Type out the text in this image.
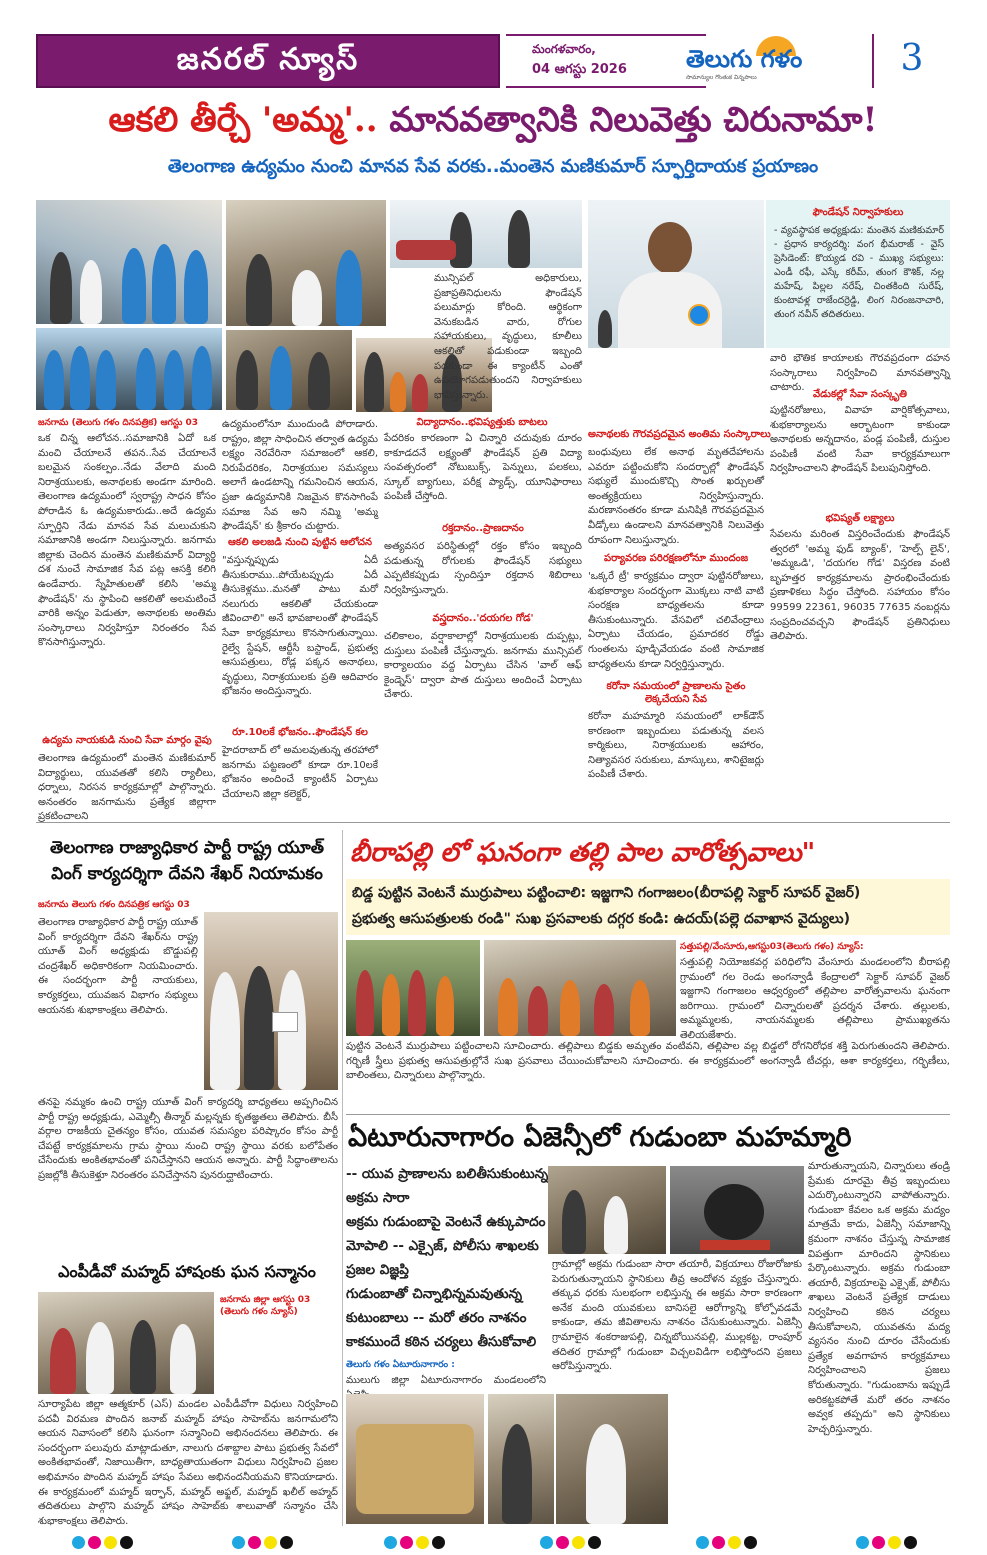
జనరల్ న్యూస్	మంగళవారం,
04 ఆగస్టు 2026 తెలుగు గళం
సామాన్యుల గొంతుక విన్నపాలు	3
ఆకలి తీర్చే 'అమ్మ'.. మానవత్వానికి నిలువెత్తు చిరునామా!
తెలంగాణ ఉద్యమం నుంచి మానవ సేవ వరకు..మంతెన మణికుమార్ స్ఫూర్తిదాయక ప్రయాణం
ఫౌండేషన్ నిర్వాహకులు
- వ్యవస్థాపక అధ్యక్షుడు: మంతెన మణికుమార్ - ప్రధాన కార్యదర్శి: వంగ భీమరాజ్ - వైస్ ప్రెసిడెంట్: కొయ్యడ రవి - ముఖ్య సభ్యులు: ఎండీ రఫీ, ఎస్కే కరీమ్, తుంగ కౌశిక్, నల్ల మహేష్, పిల్లల నరేష్, చింతకింది సురేష్, కుంటావళ్ల రాజేందర్రెడ్డి, లింగ నిరంజనాచారి, తుంగ నవీన్ తదితరులు.
జనగామ (తెలుగు గళం దినపత్రిక) ఆగస్టు 03
ఒక చిన్న ఆలోచన..సమాజానికి ఏదో ఒక మంచి చేయాలనే తపన..సేవ చేయాలనే బలమైన సంకల్పం..నేడు వేలాది మంది నిరాశ్రయులకు, అనాథలకు అండగా మారింది. తెలంగాణ ఉద్యమంలో స్వరాష్ట్ర సాధన కోసం పోరాడిన ఓ ఉద్యమకారుడు..అదే ఉద్యమ స్ఫూర్తిని నేడు మానవ సేవ మలుచుకుని సమాజానికి అండగా నిలుస్తున్నారు. జనగామ జిల్లాకు చెందిన మంతెన మణికుమార్ విద్యార్థి దశ నుంచే సామాజిక సేవ పట్ల ఆసక్తి కలిగి ఉండేవారు. స్నేహితులతో కలిసి 'అమ్మ ఫౌండేషన్' ను స్థాపించి ఆకలితో అలమటించే వారికి అన్నం పెడుతూ, అనాథలకు అంతిమ సంస్కారాలు నిర్వహిస్తూ నిరంతరం సేవ కొనసాగిస్తున్నారు.
ఉద్యమ నాయకుడి నుంచి సేవా మార్గం వైపు
తెలంగాణ ఉద్యమంలో మంతెన మణికుమార్ విద్యార్థులు, యువతతో కలిసి ర్యాలీలు, ధర్నాలు, నిరసన కార్యక్రమాల్లో పాల్గొన్నారు. అనంతరం జనగామను ప్రత్యేక జిల్లాగా ప్రకటించాలని
ఉద్యమంలోనూ ముందుండి పోరాడారు. రాష్ట్రం, జిల్లా సాధించిన తర్వాత ఉద్యమ లక్ష్యం నెరవేరినా సమాజంలో ఆకలి, నిరుపేదరికం, నిరాశ్రయుల సమస్యలు అలాగే ఉండటాన్ని గమనించిన ఆయన, ప్రజా ఉద్యమానికి నిజమైన కొనసాగింపే సమాజ సేవ అని నమ్మి 'అమ్మ ఫౌండేషన్' కు శ్రీకారం చుట్టారు.
ఆకలి అలజడి నుంచి పుట్టిన ఆలోచన
"వస్తున్నప్పుడు ఏదీ తీసుకురాము..పోయేటప్పుడు ఏదీ తీసుకెళ్లము..మనతో పాటు మరో నలుగురు ఆకలితో చేయకుండా జీవించాలి" అనే భావజాలంతో ఫౌండేషన్ సేవా కార్యక్రమాలు కొనసాగుతున్నాయి. రైల్వే స్టేషన్, ఆర్టీసీ బస్టాండ్, ప్రభుత్వ ఆసుపత్రులు, రోడ్ల పక్కన అనాథలు, వృద్ధులు, నిరాశ్రయులకు ప్రతి ఆదివారం భోజనం అందిస్తున్నారు.
రూ.10లకే భోజనం..ఫౌండేషన్ కల
హైదరాబాద్ లో అమలవుతున్న తరహాలో జనగామ పట్టణంలో కూడా రూ.10లకే భోజనం అందించే క్యాంటీన్ ఏర్పాటు చేయాలని జిల్లా కలెక్టర్,
మున్సిపల్ అధికారులు, ప్రజాప్రతినిధులను ఫౌండేషన్ పలుమార్లు కోరింది. ఆర్థికంగా వెనుకబడిన వారు, రోగుల సహాయకులు, వృద్ధులు, కూలీలు ఆకలితో పడుకుండా ఇబ్బంది పడకుండా ఈ క్యాంటీన్ ఎంతో ఉపయోగపడుతుందని నిర్వాహకులు భావిస్తున్నారు.
విద్యాదానం..భవిష్యత్తుకు బాటలు
పేదరికం కారణంగా ఏ చిన్నారి చదువుకు దూరం కాకూడదనే లక్ష్యంతో ఫౌండేషన్ ప్రతి విద్యా సంవత్సరంలో నోటుబుక్స్, పెన్నులు, పలకలు, స్కూల్ బ్యాగులు, పరీక్ష ప్యాడ్స్, యూనిఫారాలు పంపిణీ చేస్తోంది.
రక్తదానం..ప్రాణదానం
అత్యవసర పరిస్థితుల్లో రక్తం కోసం ఇబ్బంది పడుతున్న రోగులకు ఫౌండేషన్ సభ్యులు ఎప్పటికప్పుడు స్పందిస్తూ రక్తదాన శిబిరాలు నిర్వహిస్తున్నారు.
వస్త్రదానం..'దయగల గోడ'
చలికాలం, వర్షాకాలాల్లో నిరాశ్రయులకు దుప్పట్లు, దుస్తులు పంపిణీ చేస్తున్నారు. జనగామ మున్సిపల్ కార్యాలయం వద్ద ఏర్పాటు చేసిన 'వాల్ ఆఫ్ కైండ్నెస్' ద్వారా పాత దుస్తులు అందించే ఏర్పాటు చేశారు.
అనాథలకు గౌరవప్రదమైన అంతిమ సంస్కారాలు
బంధువులు లేక అనాథ మృతదేహాలను ఎవరూ పట్టించుకోని సందర్భాల్లో ఫౌండేషన్ సభ్యులే ముందుకొచ్చి సొంత ఖర్చులతో అంత్యక్రియలు నిర్వహిస్తున్నారు. మరణానంతరం కూడా మనిషికి గౌరవప్రదమైన వీడ్కోలు ఉండాలని మానవత్వానికి నిలువెత్తు రూపంగా నిలుస్తున్నారు.
పర్యావరణ పరిరక్షణలోనూ ముందంజ
'ఒక్కరే ట్రీ' కార్యక్రమం ద్వారా పుట్టినరోజులు, శుభకార్యాల సందర్భంగా మొక్కలు నాటి వాటి సంరక్షణ బాధ్యతలను కూడా తీసుకుంటున్నారు. వేసవిలో చలివేంద్రాలు ఏర్పాటు చేయడం, ప్రమాదకర రోడ్డు గుంతలను పూడ్చివేయడం వంటి సామాజిక బాధ్యతలను కూడా నిర్వర్తిస్తున్నారు.
కరోనా సమయంలో ప్రాణాలను సైతం లెక్కచేయని సేవ
కరోనా మహమ్మారి సమయంలో లాక్‌డౌన్ కారణంగా ఇబ్బందులు పడుతున్న వలస కార్మికులు, నిరాశ్రయులకు ఆహారం, నిత్యావసర సరుకులు, మాస్కులు, శానిటైజర్లు పంపిణీ చేశారు.
వారి భౌతిక కాయాలకు గౌరవప్రదంగా దహన సంస్కారాలు నిర్వహించి మానవత్వాన్ని చాటారు.
వేడుకల్లో సేవా సంస్కృతి
పుట్టినరోజులు, వివాహ వార్షికోత్సవాలు, శుభకార్యాలను ఆర్భాటంగా కాకుండా అనాథలకు అన్నదానం, పండ్ల పంపిణీ, దుస్తుల పంపిణీ వంటి సేవా కార్యక్రమాలుగా నిర్వహించాలని ఫౌండేషన్ పిలుపునిస్తోంది.
భవిష్యత్ లక్ష్యాలు
సేవలను మరింత విస్తరించేందుకు ఫౌండేషన్ త్వరలో 'అమ్మ ఫుడ్ బ్యాంక్', 'హెల్ప్ లైన్', 'అమ్మఒడి', 'దయగల గోడ' విస్తరణ వంటి బృహత్తర కార్యక్రమాలను ప్రారంభించేందుకు ప్రణాళికలు సిద్ధం చేస్తోంది. సహాయం కోసం 99599 22361, 96035 77635 నంబర్లను సంప్రదించవచ్చని ఫౌండేషన్ ప్రతినిధులు తెలిపారు.
తెలంగాణ రాజ్యాధికార పార్టీ రాష్ట్ర యూత్
వింగ్ కార్యదర్శిగా దేవని శేఖర్ నియామకం
జనగామ తెలుగు గళం దినపత్రిక ఆగస్టు 03
తెలంగాణ రాజ్యాధికార పార్టీ రాష్ట్ర యూత్ వింగ్ కార్యదర్శిగా దేవని శేఖర్‌ను రాష్ట్ర యూత్ వింగ్ అధ్యక్షుడు బొడ్డుపల్లి చంద్రశేఖర్ అధికారికంగా నియమించారు. ఈ సందర్భంగా పార్టీ నాయకులు, కార్యకర్తలు, యువజన విభాగం సభ్యులు ఆయనకు శుభాకాంక్షలు తెలిపారు.
తనపై నమ్మకం ఉంచి రాష్ట్ర యూత్ వింగ్ కార్యదర్శి బాధ్యతలు అప్పగించిన పార్టీ రాష్ట్ర అధ్యక్షుడు, ఎమ్మెల్సీ తీన్మార్ మల్లన్నకు కృతజ్ఞతలు తెలిపారు. బీసీ వర్గాల రాజకీయ చైతన్యం కోసం, యువత సమస్యల పరిష్కారం కోసం పార్టీ చేపట్టే కార్యక్రమాలను గ్రామ స్థాయి నుంచి రాష్ట్ర స్థాయి వరకు బలోపేతం చేసేందుకు అంకితభావంతో పనిచేస్తానని ఆయన అన్నారు. పార్టీ సిద్ధాంతాలను ప్రజల్లోకి తీసుకెళ్తూ నిరంతరం పనిచేస్తానని పునరుద్ఘాటించారు.
ఎంపీడీవో మహ్మద్ హాషంకు ఘన సన్మానం
జనగామ జిల్లా ఆగస్టు 03 (తెలుగు గళం న్యూస్)
సూర్యాపేట జిల్లా ఆత్మకూర్ (ఎస్) మండల ఎంపీడీవోగా విధులు నిర్వహించి పదవీ విరమణ పొందిన జనాబ్ మహ్మద్ హాషం సాహెబ్‌ను జనగామలోని ఆయన నివాసంలో కలిసి ఘనంగా సన్మానించి అభినందనలు తెలిపారు. ఈ సందర్భంగా పలువురు మాట్లాడుతూ, నాలుగు దశాబ్దాల పాటు ప్రభుత్వ సేవలో అంకితభావంతో, నిజాయితీగా, బాధ్యతాయుతంగా విధులు నిర్వహించి ప్రజల అభిమానం పొందిన మహ్మద్ హాషం సేవలు అభినందనీయమని కొనియాడారు. ఈ కార్యక్రమంలో మహ్మద్ ఇర్ఫాన్, మహ్మద్ అఫ్జల్, మహ్మద్ ఖలీల్ అహ్మద్ తదితరులు పాల్గొని మహ్మద్ హాషం సాహెబ్‌కు శాలువాతో సన్మానం చేసి శుభాకాంక్షలు తెలిపారు.
బీరాపల్లి లో ఘనంగా తల్లి పాల వారోత్సవాలు"
బిడ్డ పుట్టిన వెంటనే ముర్రుపాలు పట్టించాలి: ఇజ్జగాని గంగాజలం(బీరాపల్లి సెక్టార్ సూపర్ వైజర్)
ప్రభుత్వ ఆసుపత్రులకు రండి" సుఖ ప్రసవాలకు దగ్గర కండి: ఉదయ్(పల్లె దవాఖాన వైద్యులు)
సత్తుపల్లి/వేంసూరు,ఆగస్టు03(తెలుగు గళం) న్యూస్:
సత్తుపల్లి నియోజకవర్గ పరిధిలోని వేంసూరు మండలంలోని బీరాపల్లి గ్రామంలో గల రెండు అంగన్వాడీ కేంద్రాలలో సెక్టార్ సూపర్ వైజర్ ఇజ్జగాని గంగాజలం ఆధ్వర్యంలో తల్లిపాల వారోత్సవాలను ఘనంగా జరిగాయి. గ్రామంలో చిన్నారులతో ప్రదర్శన చేశారు. తల్లులకు, అమ్మమ్మలకు, నాయనమ్మలకు తల్లిపాలు ప్రాముఖ్యతను తెలియజేశారు.
పుట్టిన వెంటనే ముర్రుపాలు పట్టించాలని సూచించారు. తల్లిపాలు బిడ్డకు అమృతం వంటివని, తల్లిపాల వల్ల బిడ్డలో రోగనిరోధక శక్తి పెరుగుతుందని తెలిపారు. గర్భిణీ స్త్రీలు ప్రభుత్వ ఆసుపత్రుల్లోనే సుఖ ప్రసవాలు చేయించుకోవాలని సూచించారు. ఈ కార్యక్రమంలో అంగన్వాడీ టీచర్లు, ఆశా కార్యకర్తలు, గర్భిణీలు, బాలింతలు, చిన్నారులు పాల్గొన్నారు.
ఏటూరునాగారం ఏజెన్సీలో గుడుంబా మహమ్మారి
-- యువ ప్రాణాలను బలితీసుకుంటున్న
అక్రమ సారా
అక్రమ గుడుంబాపై వెంటనే ఉక్కుపాదం
మోపాలి -- ఎక్సైజ్, పోలీసు శాఖలకు
ప్రజల విజ్ఞప్తి
గుడుంబాతో చిన్నాభిన్నమవుతున్న
కుటుంబాలు -- మరో తరం నాశనం
కాకముందే కఠిన చర్యలు తీసుకోవాలి
తెలుగు గళం ఏటూరునాగారం :
ములుగు జిల్లా ఏటూరునాగారం మండలంలోని
గ్రామాల్లో అక్రమ గుడుంబా సారా తయారీ, విక్రయాలు రోజురోజుకు పెరుగుతున్నాయని స్థానికులు తీవ్ర ఆందోళన వ్యక్తం చేస్తున్నారు. తక్కువ ధరకు సులభంగా లభిస్తున్న ఈ అక్రమ సారా కారణంగా అనేక మంది యువకులు బానిసలై ఆరోగ్యాన్ని కోల్పోవడమే కాకుండా, తమ జీవితాలను నాశనం చేసుకుంటున్నారు. ఏజెన్సీ గ్రామాలైన శంకరాజుపల్లి, చిన్నబోయినపల్లి, ముల్లకట్ట, రాంపూర్ తదితర గ్రామాల్లో గుడుంబా విచ్చలవిడిగా లభిస్తోందని ప్రజలు ఆరోపిస్తున్నారు.
మారుతున్నాయని, చిన్నారులు తండ్రి ప్రేమకు దూరమై తీవ్ర ఇబ్బందులు ఎదుర్కొంటున్నారని వాపోతున్నారు. గుడుంబా కేవలం ఒక అక్రమ మద్యం మాత్రమే కాదు, ఏజెన్సీ సమాజాన్ని క్రమంగా నాశనం చేస్తున్న సామాజిక విపత్తుగా మారిందని స్థానికులు పేర్కొంటున్నారు. అక్రమ గుడుంబా తయారీ, విక్రయాలపై ఎక్సైజ్, పోలీసు శాఖలు వెంటనే ప్రత్యేక దాడులు నిర్వహించి కఠిన చర్యలు తీసుకోవాలని, యువతను మద్య వ్యసనం నుంచి దూరం చేసేందుకు ప్రత్యేక అవగాహన కార్యక్రమాలు నిర్వహించాలని ప్రజలు కోరుతున్నారు. "గుడుంబాను ఇప్పుడే అరికట్టకపోతే మరో తరం నాశనం అవ్వక తప్పదు" అని స్థానికులు హెచ్చరిస్తున్నారు.
